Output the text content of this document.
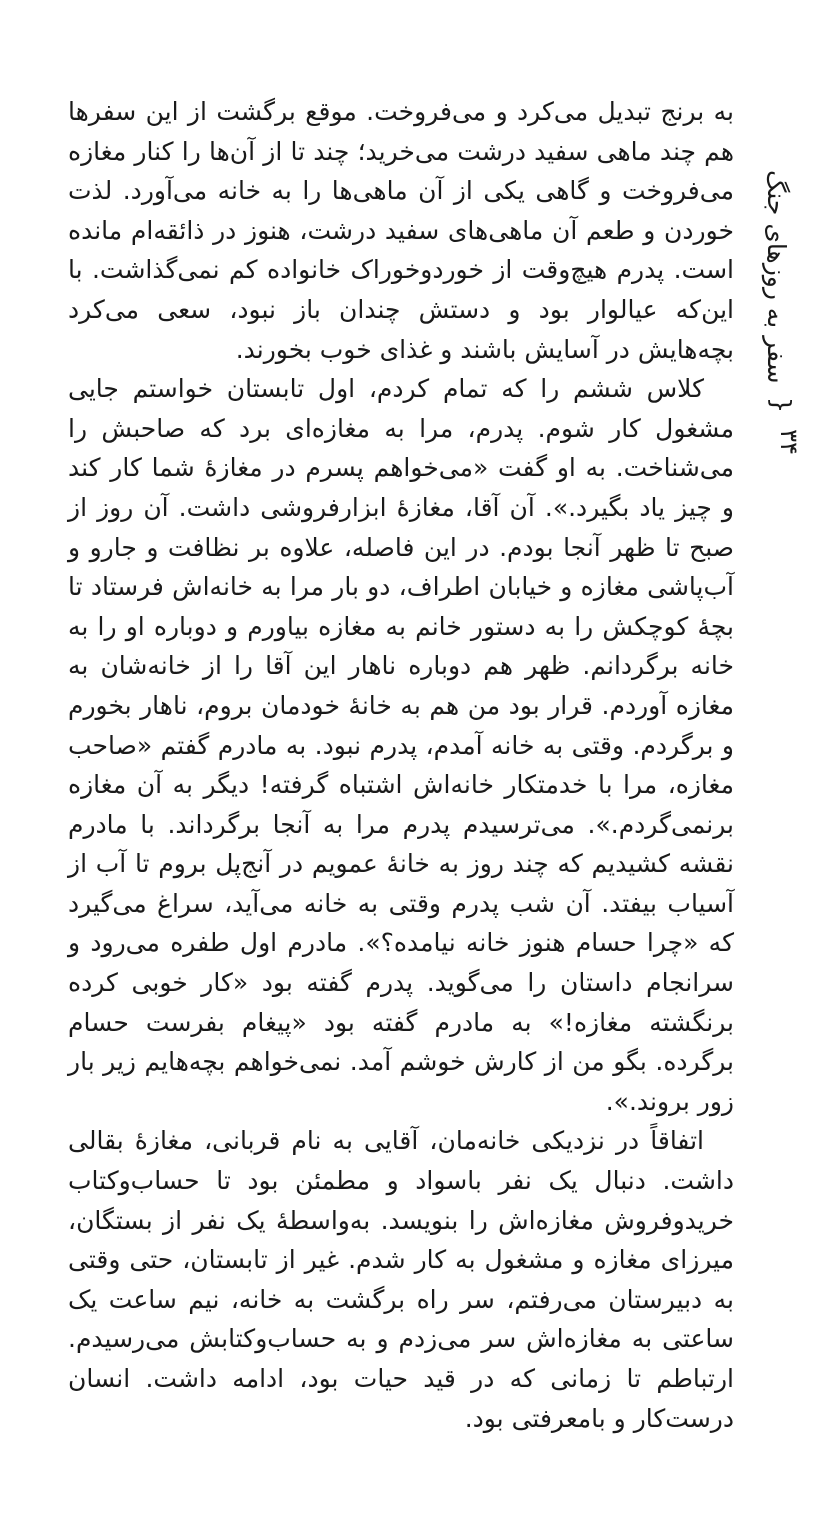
سفر به روزهای جنگ
}
۳۴

به برنج تبدیل می‌کرد و می‌فروخت. موقع برگشت از این سفرها هم چند ماهی سفید درشت می‌خرید؛ چند تا از آن‌ها را کنار مغازه می‌فروخت و گاهی یکی از آن ماهی‌ها را به خانه می‌آورد. لذت خوردن و طعم آن ماهی‌های سفید درشت، هنوز در ذائقه‌ام مانده است. پدرم هیچ‌وقت از خوردوخوراک خانواده کم نمی‌گذاشت. با این‌که عیالوار بود و دستش چندان باز نبود، سعی می‌کرد بچه‌هایش در آسایش باشند و غذای خوب بخورند.

کلاس ششم را که تمام کردم، اول تابستان خواستم جایی مشغول کار شوم. پدرم، مرا به مغازه‌ای برد که صاحبش را می‌شناخت. به او گفت «می‌خواهم پسرم در مغازهٔ شما کار کند و چیز یاد بگیرد.». آن آقا، مغازهٔ ابزارفروشی داشت. آن روز از صبح تا ظهر آنجا بودم. در این فاصله، علاوه بر نظافت و جارو و آب‌پاشی مغازه و خیابان اطراف، دو بار مرا به خانه‌اش فرستاد تا بچهٔ کوچکش را به دستور خانم به مغازه بیاورم و دوباره او را به خانه برگردانم. ظهر هم دوباره ناهار این آقا را از خانه‌شان به مغازه آوردم. قرار بود من هم به خانهٔ خودمان بروم، ناهار بخورم و برگردم. وقتی به خانه آمدم، پدرم نبود. به مادرم گفتم «صاحب مغازه، مرا با خدمتکار خانه‌اش اشتباه گرفته! دیگر به آن مغازه برنمی‌گردم.». می‌ترسیدم پدرم مرا به آنجا برگرداند. با مادرم نقشه کشیدیم که چند روز به خانهٔ عمویم در آنج‌پل بروم تا آب از آسیاب بیفتد. آن شب پدرم وقتی به خانه می‌آید، سراغ می‌گیرد که «چرا حسام هنوز خانه نیامده؟». مادرم اول طفره می‌رود و سرانجام داستان را می‌گوید. پدرم گفته بود «کار خوبی کرده برنگشته مغازه!» به مادرم گفته بود «پیغام بفرست حسام برگرده. بگو من از کارش خوشم آمد. نمی‌خواهم بچه‌هایم زیر بار زور بروند.».

اتفاقاً در نزدیکی خانه‌مان، آقایی به نام قربانی، مغازهٔ بقالی داشت. دنبال یک نفر باسواد و مطمئن بود تا حساب‌وکتاب خریدوفروش مغازه‌اش را بنویسد. به‌واسطهٔ یک نفر از بستگان، میرزای مغازه و مشغول به کار شدم. غیر از تابستان، حتی وقتی به دبیرستان می‌رفتم، سر راه برگشت به خانه، نیم ساعت یک ساعتی به مغازه‌اش سر می‌زدم و به حساب‌وکتابش می‌رسیدم. ارتباطم تا زمانی که در قید حیات بود، ادامه داشت. انسان درست‌کار و بامعرفتی بود.
